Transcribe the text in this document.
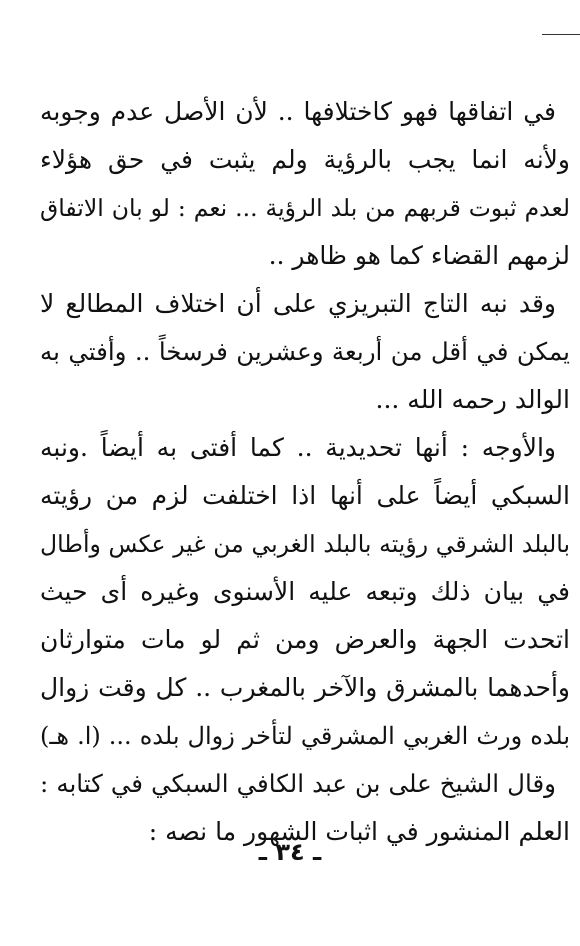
في اتفاقها فهو كاختلافها .. لأن الأصل عدم وجوبه
ولأنه انما يجب بالرؤية ولم يثبت في حق هؤلاء
لعدم ثبوت قربهم من بلد الرؤية ... نعم : لو بان الاتفاق
لزمهم القضاء كما هو ظاهر ..
وقد نبه التاج التبريزي على أن اختلاف المطالع لا
يمكن في أقل من أربعة وعشرين فرسخاً .. وأفتي به
الوالد رحمه الله ...
والأوجه : أنها تحديدية .. كما أفتى به أيضاً .ونبه
السبكي أيضاً على أنها اذا اختلفت لزم من رؤيته
بالبلد الشرقي رؤيته بالبلد الغربي من غير عكس وأطال
في بيان ذلك وتبعه عليه الأسنوى وغيره أى حيث
اتحدت الجهة والعرض ومن ثم لو مات متوارثان
وأحدهما بالمشرق والآخر بالمغرب .. كل وقت زوال
بلده ورث الغربي المشرقي لتأخر زوال بلده ... (ا. هـ)
وقال الشيخ على بن عبد الكافي السبكي في كتابه :
العلم المنشور في اثبات الشهور ما نصه :
ـ ٣٤ ـ
